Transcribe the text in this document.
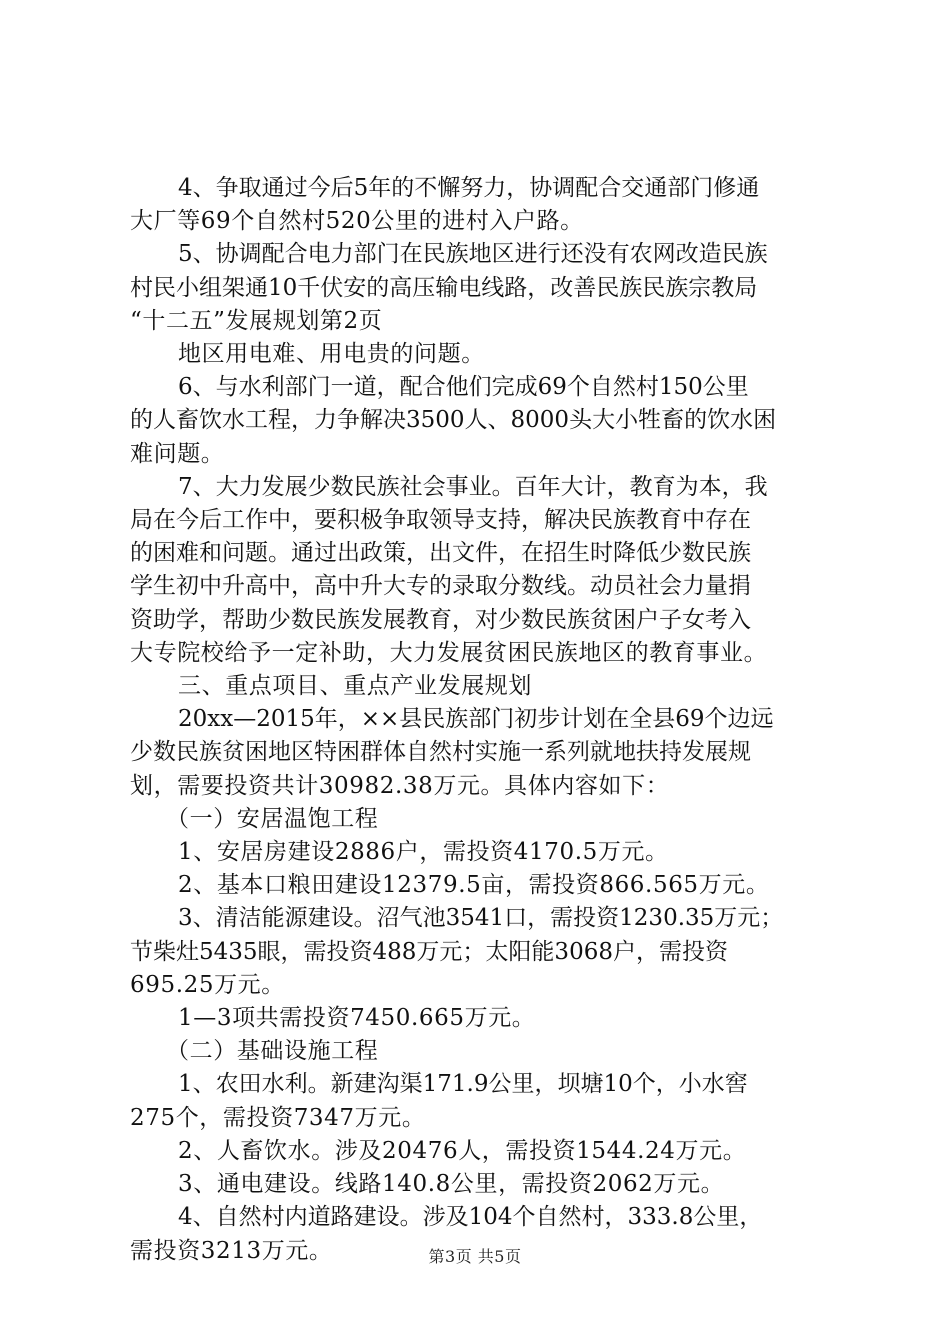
4、争取通过今后5年的不懈努力，协调配合交通部门修通
大厂等69个自然村520公里的进村入户路。
5、协调配合电力部门在民族地区进行还没有农网改造民族
村民小组架通10千伏安的高压输电线路，改善民族民族宗教局
“十二五”发展规划第2页
地区用电难、用电贵的问题。
6、与水利部门一道，配合他们完成69个自然村150公里
的人畜饮水工程，力争解决3500人、8000头大小牲畜的饮水困
难问题。
7、大力发展少数民族社会事业。百年大计，教育为本，我
局在今后工作中，要积极争取领导支持，解决民族教育中存在
的困难和问题。通过出政策，出文件，在招生时降低少数民族
学生初中升高中，高中升大专的录取分数线。动员社会力量捐
资助学，帮助少数民族发展教育，对少数民族贫困户子女考入
大专院校给予一定补助，大力发展贫困民族地区的教育事业。
三、重点项目、重点产业发展规划
20xx—2015年，××县民族部门初步计划在全县69个边远
少数民族贫困地区特困群体自然村实施一系列就地扶持发展规
划，需要投资共计30982.38万元。具体内容如下：
（一）安居温饱工程
1、安居房建设2886户，需投资4170.5万元。
2、基本口粮田建设12379.5亩，需投资866.565万元。
3、清洁能源建设。沼气池3541口，需投资1230.35万元；
节柴灶5435眼，需投资488万元；太阳能3068户，需投资
695.25万元。
1—3项共需投资7450.665万元。
（二）基础设施工程
1、农田水利。新建沟渠171.9公里，坝塘10个，小水窖
275个，需投资7347万元。
2、人畜饮水。涉及20476人，需投资1544.24万元。
3、通电建设。线路140.8公里，需投资2062万元。
4、自然村内道路建设。涉及104个自然村，333.8公里，
需投资3213万元。	第3页 共5页
